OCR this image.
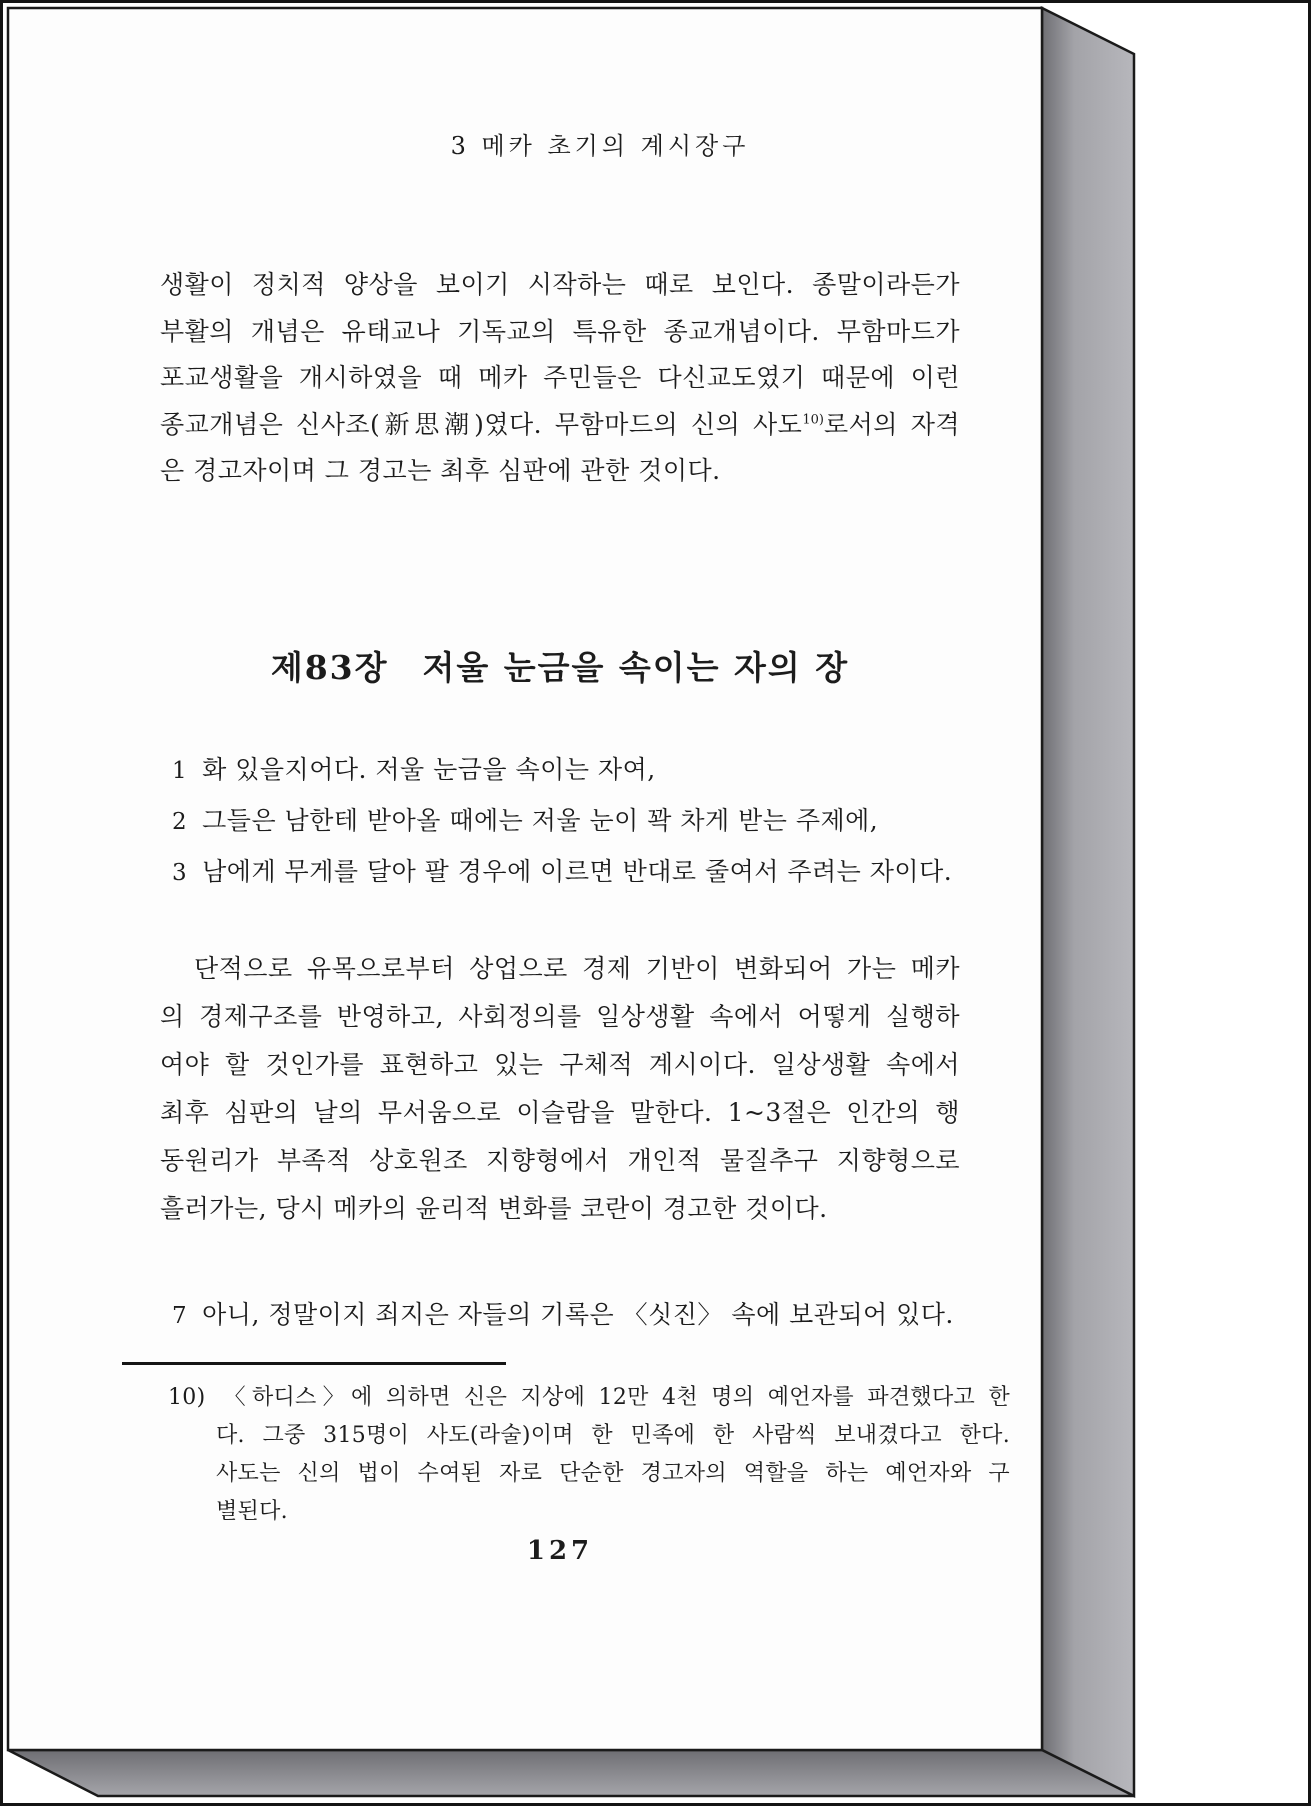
3 메카 초기의 계시장구
생활이 정치적 양상을 보이기 시작하는 때로 보인다. 종말이라든가
부활의 개념은 유태교나 기독교의 특유한 종교개념이다. 무함마드가
포교생활을 개시하였을 때 메카 주민들은 다신교도였기 때문에 이런
종교개념은 신사조(新思潮)였다. 무함마드의 신의 사도$^{10)}$로서의 자격
은 경고자이며 그 경고는 최후 심판에 관한 것이다.
제83장 저울 눈금을 속이는 자의 장
1 화 있을지어다. 저울 눈금을 속이는 자여,
2 그들은 남한테 받아올 때에는 저울 눈이 꽉 차게 받는 주제에,
3 남에게 무게를 달아 팔 경우에 이르면 반대로 줄여서 주려는 자이다.
단적으로 유목으로부터 상업으로 경제 기반이 변화되어 가는 메카
의 경제구조를 반영하고, 사회정의를 일상생활 속에서 어떻게 실행하
여야 할 것인가를 표현하고 있는 구체적 계시이다. 일상생활 속에서
최후 심판의 날의 무서움으로 이슬람을 말한다. 1~3절은 인간의 행
동원리가 부족적 상호원조 지향형에서 개인적 물질추구 지향형으로
흘러가는, 당시 메카의 윤리적 변화를 코란이 경고한 것이다.
7 아니, 정말이지 죄지은 자들의 기록은 〈싯진〉 속에 보관되어 있다.
10) 〈하디스〉에 의하면 신은 지상에 12만 4천 명의 예언자를 파견했다고 한
다. 그중 315명이 사도(라술)이며 한 민족에 한 사람씩 보내겼다고 한다.
사도는 신의 법이 수여된 자로 단순한 경고자의 역할을 하는 예언자와 구
별된다.
127
